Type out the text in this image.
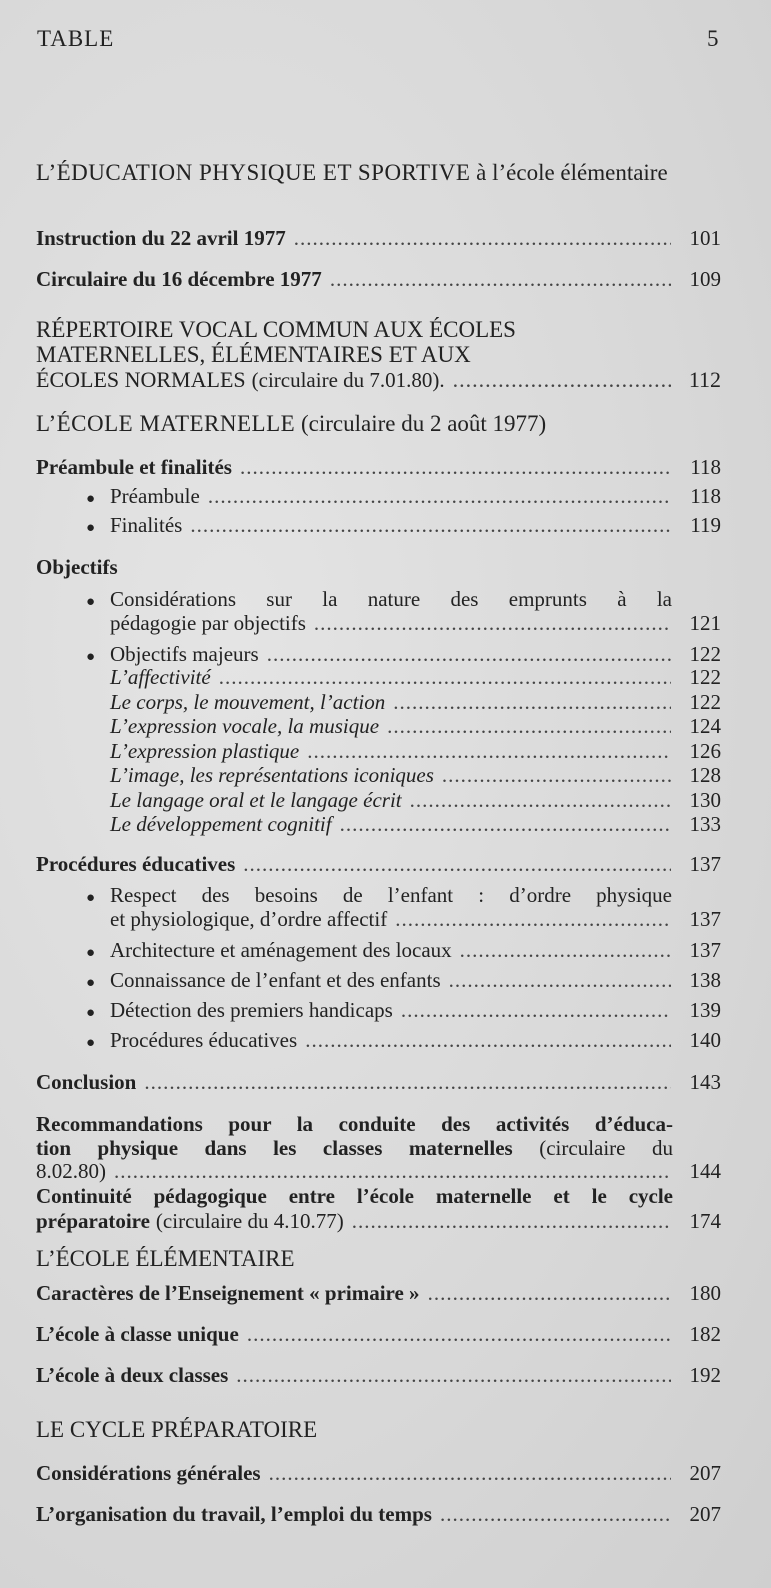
TABLE	5
L’ÉDUCATION PHYSIQUE ET SPORTIVE à l’école élémentaire
Instruction du 22 avril 1977 .....	101
Circulaire du 16 décembre 1977 .....	109
RÉPERTOIRE VOCAL COMMUN AUX ÉCOLES
MATERNELLES, ÉLÉMENTAIRES ET AUX
ÉCOLES NORMALES (circulaire du 7.01.80). .....	112
L’ÉCOLE MATERNELLE (circulaire du 2 août 1977)
Préambule et finalités .....	118
● Préambule .....	118
● Finalités .....	119
Objectifs
● Considérations sur la nature des emprunts à la
pédagogie par objectifs .....	121
● Objectifs majeurs .....	122
L’affectivité .....	122
Le corps, le mouvement, l’action .....	122
L’expression vocale, la musique .....	124
L’expression plastique .....	126
L’image, les représentations iconiques .....	128
Le langage oral et le langage écrit .....	130
Le développement cognitif .....	133
Procédures éducatives .....	137
● Respect des besoins de l’enfant : d’ordre physique
et physiologique, d’ordre affectif .....	137
● Architecture et aménagement des locaux .....	137
● Connaissance de l’enfant et des enfants .....	138
● Détection des premiers handicaps .....	139
● Procédures éducatives .....	140
Conclusion .....	143
Recommandations pour la conduite des activités d’éduca-
tion physique dans les classes maternelles (circulaire du
8.02.80) .....	144
Continuité pédagogique entre l’école maternelle et le cycle
préparatoire (circulaire du 4.10.77) .....	174
L’ÉCOLE ÉLÉMENTAIRE
Caractères de l’Enseignement « primaire » .....	180
L’école à classe unique .....	182
L’école à deux classes .....	192
LE CYCLE PRÉPARATOIRE
Considérations générales .....	207
L’organisation du travail, l’emploi du temps .....	207
